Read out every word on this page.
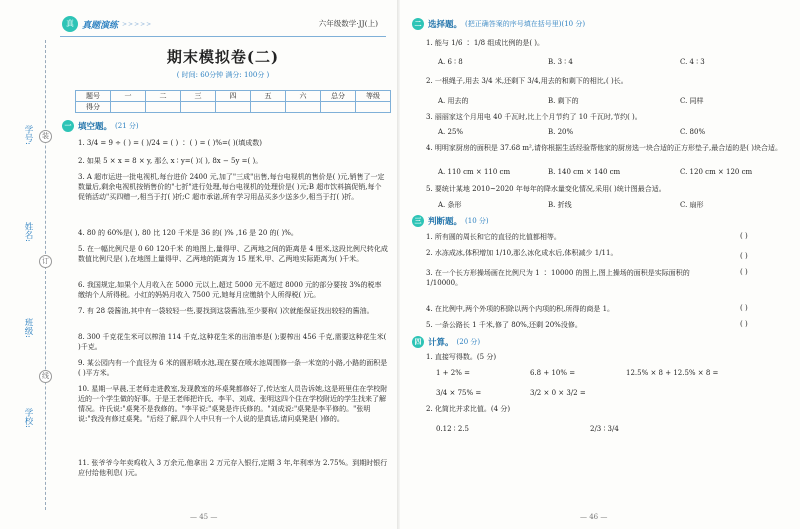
学号:
姓名:
班级:
学校:
装
订
线
真 真题演练 >>>>>	六年级数学·JJ(上)
期末模拟卷(二)
( 时间: 60分钟 满分: 100分 )
题号	一	二	三	四	五	六	总分	等级
得分								
一 填空题。 (21 分)
1. 3/4 = 9 ÷ ( ) = ( )/24 = ( ) ∶ ( ) = ( )%=( )(填成数)
2. 如果 5 × x = 8 × y, 那么 x ∶ y=( )∶( ), 8x − 5y =( )。
3. A 超市运进一批电视机,每台进价 2400 元,加了"三成"出售,每台电视机的售价是( )元,销售了一定数量后,剩余电视机按销售价的"七折"进行处理,每台电视机的处理价是( )元;B 超市饮料搞促销,每个促销活动"买四赠一,相当于打( )折;C 超市承诺,所有学习用品买多少送多少,相当于打( )折。
4. 80 的 60%是( ), 80 比 120 千米是 36 的( )% ,16 是 20 的( )%。
5. 在一幅比例尺是 0 60 120千米 的地图上,量得甲、乙两地之间的距离是 4 厘米,这段比例尺转化成数值比例尺是( ),在地图上量得甲、乙两地的距离为 15 厘米,甲、乙两地实际距离为( )千米。
6. 我国规定,如果个人月收入在 5000 元以上,超过 5000 元不超过 8000 元的部分要按 3%的税率缴纳个人所得税。小红的妈妈月收入 7500 元,她每月应缴纳个人所得税( )元。
7. 有 28 袋酱油,其中有一袋较轻一些,要找到这袋酱油,至少要称( )次就能保证找出较轻的酱油。
8. 300 千克花生米可以榨油 114 千克,这种花生米的出油率是( );要榨出 456 千克,需要这种花生米( )千克。
9. 某公园内有一个直径为 6 米的圆形喷水池,现在要在喷水池周围修一条一米宽的小路,小路的面积是( )平方米。
10. 星期一早晨,王老师走进教室,发现教室的坏桌凳都修好了,传达室人员告诉她,这是班里住在学校附近的一个学生做的好事。于是王老师把许氏、李平、刘成、张明这四个住在学校附近的学生找来了解情况。许氏说:"桌凳不是我修的。"李平说:"桌凳是许氏修的。"刘成说:"桌凳是李平修的。"张明说:"我没有修过桌凳。"后经了解,四个人中只有一个人说的是真话,请问桌凳是( )修的。
11. 张爷爷今年卖鸡收入 3 万余元,他拿出 2 万元存入银行,定期 3 年,年利率为 2.75%。到期时银行应付给他利息( )元。
— 45 —
二 选择题。 (把正确答案的序号填在括号里)(10 分)
1. 能与 1/6 ∶ 1/8 组成比例的是( )。
A. 6 ∶ 8	B. 3 ∶ 4	C. 4 ∶ 3
2. 一根绳子,用去 3/4 米,还剩下 3/4,用去的和剩下的相比,( )长。
A. 用去的	B. 剩下的	C. 同样
3. 丽丽家这个月用电 40 千瓦时,比上个月节约了 10 千瓦时,节约( )。
A. 25%	B. 20%	C. 80%
4. 明明家厨房的面积是 37.68 m²,请你根据生活经验帮他家的厨房选一块合适的正方形垫子,最合适的是( )块合适。
A. 110 cm × 110 cm	B. 140 cm × 140 cm	C. 120 cm × 120 cm
5. 要统计某地 2010~2020 年每年的降水量变化情况,采用( )统计图最合适。
A. 条形	B. 折线	C. 扇形
三 判断题。 (10 分)
1. 所有圆的周长和它的直径的比值都相等。	( )
2. 水冻成冰,体积增加 1/10,那么冰化成水后,体积减少 1/11。	( )
3. 在一个长方形操场画在比例尺为 1 ∶ 10000 的图上,图上操场的面积是实际面积的 1/10000。
( )
4. 在比例中,两个外项的积除以两个内项的积,所得的商是 1。	( )
5. 一条公路长 1 千米,修了 80%,还剩 20%没修。	( )
四 计算。 (20 分)
1. 直接写得数。(5 分)
1 + 2% =	6.8 + 10% =	12.5% × 8 + 12.5% × 8 =
3/4 × 75% =	3/2 × 0 × 3/2 =
2. 化简比并求比值。(4 分)
0.12 ∶ 2.5	2/3 ∶ 3/4
— 46 —
